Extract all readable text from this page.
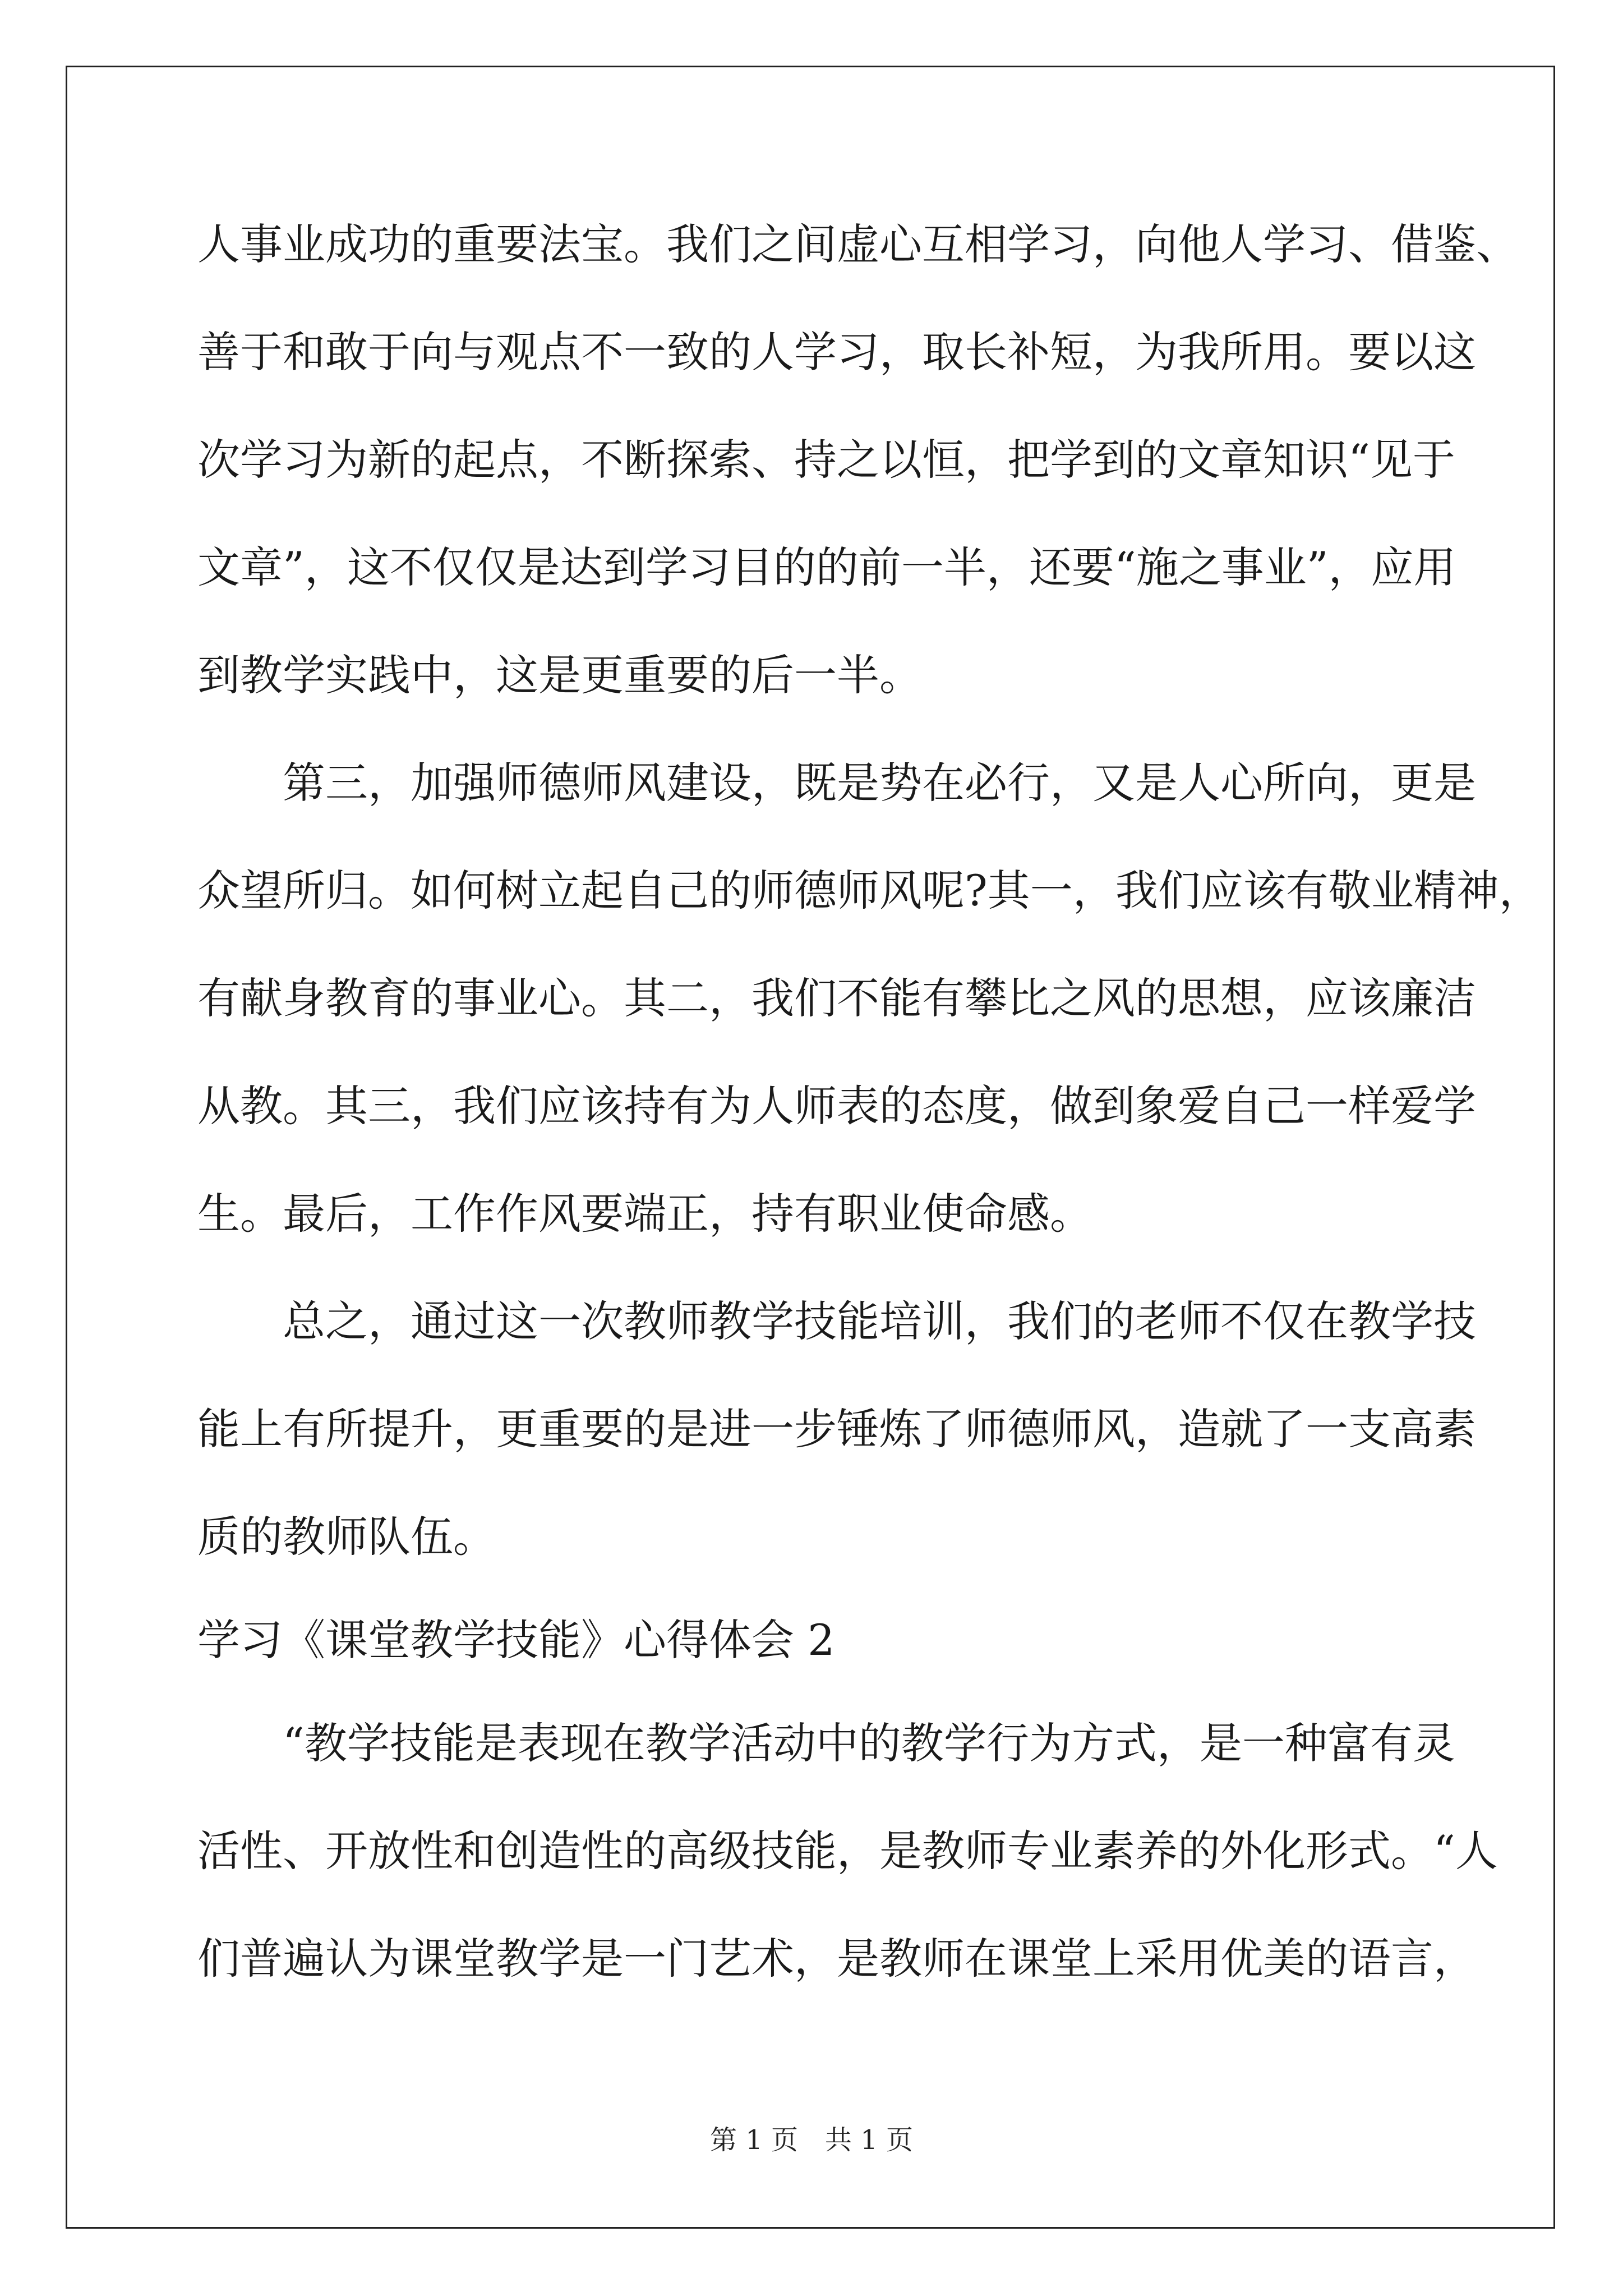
人事业成功的重要法宝。我们之间虚心互相学习，向他人学习、借鉴、
善于和敢于向与观点不一致的人学习，取长补短，为我所用。要以这
次学习为新的起点，不断探索、持之以恒，把学到的文章知识“见于
文章”，这不仅仅是达到学习目的的前一半，还要“施之事业”，应用
到教学实践中，这是更重要的后一半。
第三，加强师德师风建设，既是势在必行，又是人心所向，更是
众望所归。如何树立起自己的师德师风呢?其一，我们应该有敬业精神，
有献身教育的事业心。其二，我们不能有攀比之风的思想，应该廉洁
从教。其三，我们应该持有为人师表的态度，做到象爱自己一样爱学
生。最后，工作作风要端正，持有职业使命感。
总之，通过这一次教师教学技能培训，我们的老师不仅在教学技
能上有所提升，更重要的是进一步锤炼了师德师风，造就了一支高素
质的教师队伍。
学习《课堂教学技能》心得体会 2
“教学技能是表现在教学活动中的教学行为方式，是一种富有灵
活性、开放性和创造性的高级技能，是教师专业素养的外化形式。“人
们普遍认为课堂教学是一门艺术，是教师在课堂上采用优美的语言，
第 1 页 共 1 页
